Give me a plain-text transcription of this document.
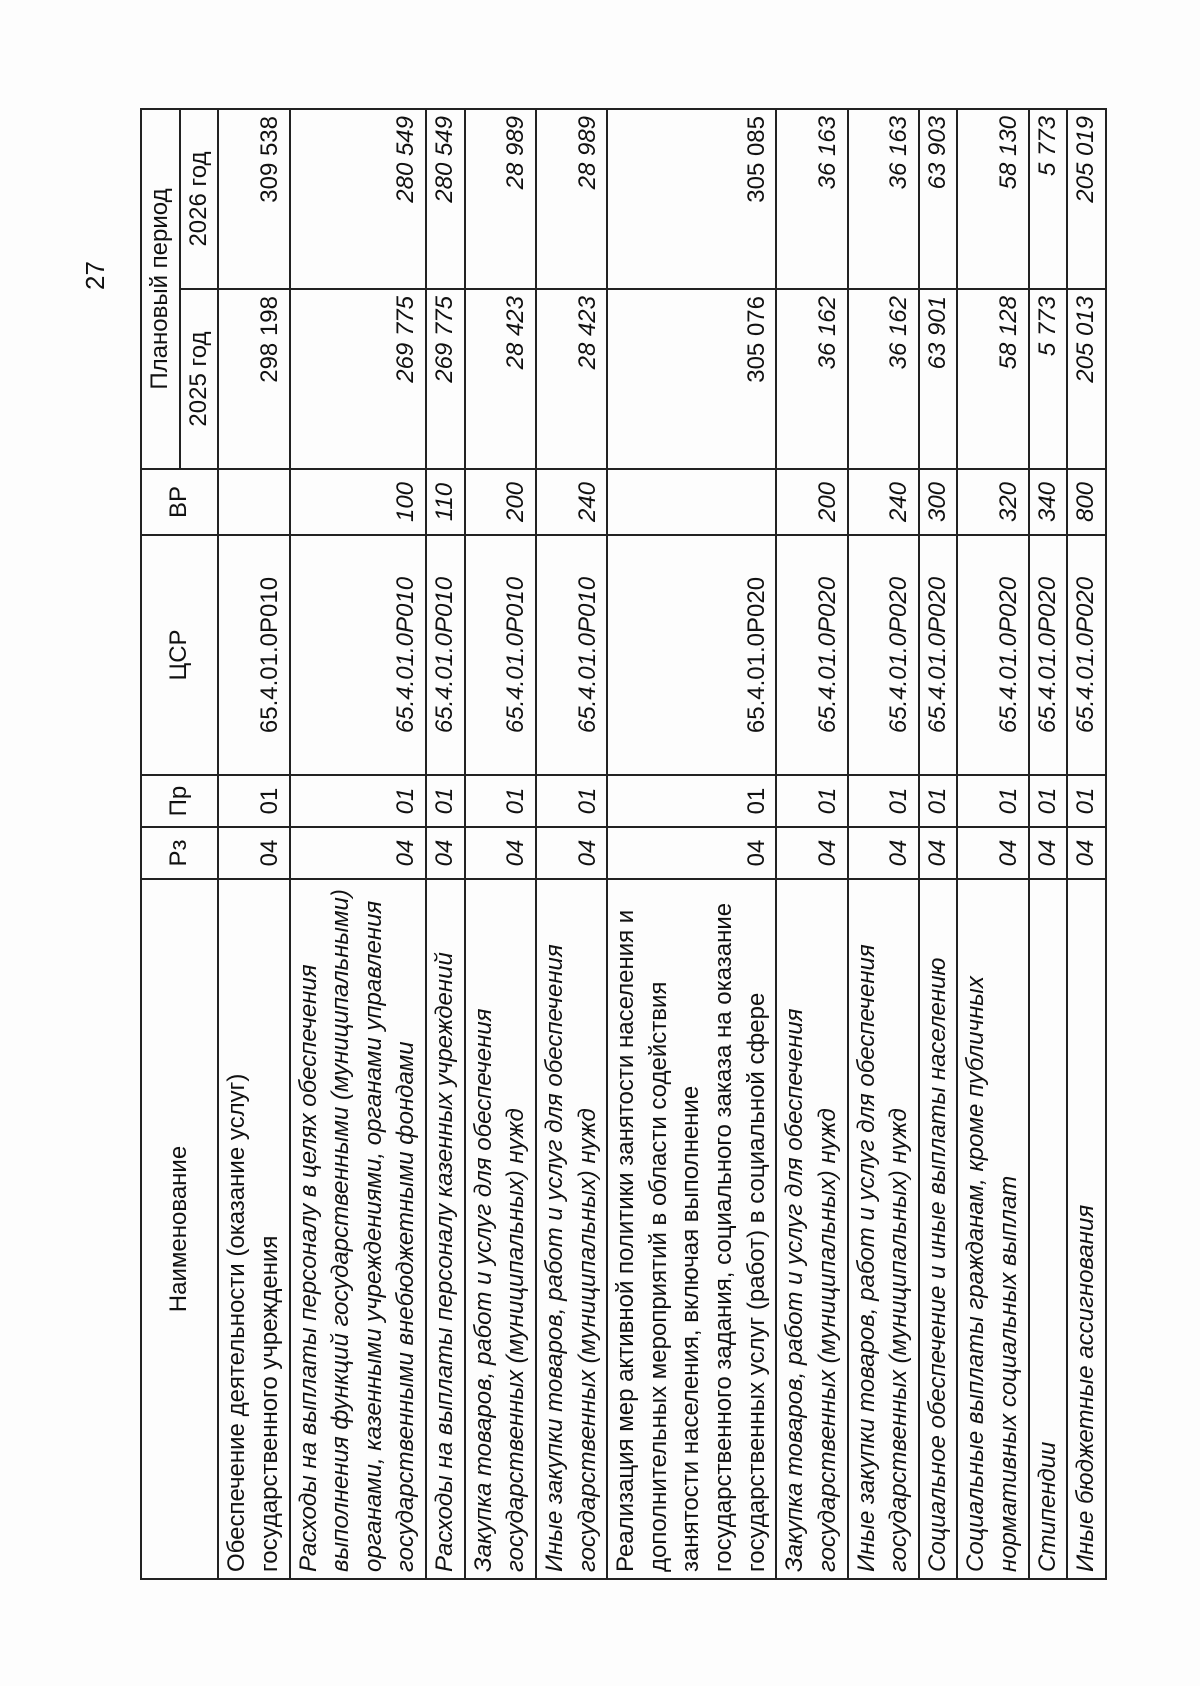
27
Наименование	Рз	Пр	ЦСР	ВР	Плановый период	
					2025 год	2026 год
Обеспечение деятельности (оказание услуг) государственного учреждения	04	01	65.4.01.0Р010		298 198	309 538
Расходы на выплаты персоналу в целях обеспечения выполнения функций государственными (муниципальными) органами, казенными учреждениями, органами управления государственными внебюджетными фондами	04	01	65.4.01.0Р010	100	269 775	280 549
Расходы на выплаты персоналу казенных учреждений	04	01	65.4.01.0Р010	110	269 775	280 549
Закупка товаров, работ и услуг для обеспечения государственных (муниципальных) нужд	04	01	65.4.01.0Р010	200	28 423	28 989
Иные закупки товаров, работ и услуг для обеспечения государственных (муниципальных) нужд	04	01	65.4.01.0Р010	240	28 423	28 989
Реализация мер активной политики занятости населения и дополнительных мероприятий в области содействия занятости населения, включая выполнение государственного задания, социального заказа на оказание государственных услуг (работ) в социальной сфере	04	01	65.4.01.0Р020		305 076	305 085
Закупка товаров, работ и услуг для обеспечения государственных (муниципальных) нужд	04	01	65.4.01.0Р020	200	36 162	36 163
Иные закупки товаров, работ и услуг для обеспечения государственных (муниципальных) нужд	04	01	65.4.01.0Р020	240	36 162	36 163
Социальное обеспечение и иные выплаты населению	04	01	65.4.01.0Р020	300	63 901	63 903
Социальные выплаты гражданам, кроме публичных нормативных социальных выплат	04	01	65.4.01.0Р020	320	58 128	58 130
Стипендии	04	01	65.4.01.0Р020	340	5 773	5 773
Иные бюджетные ассигнования	04	01	65.4.01.0Р020	800	205 013	205 019
